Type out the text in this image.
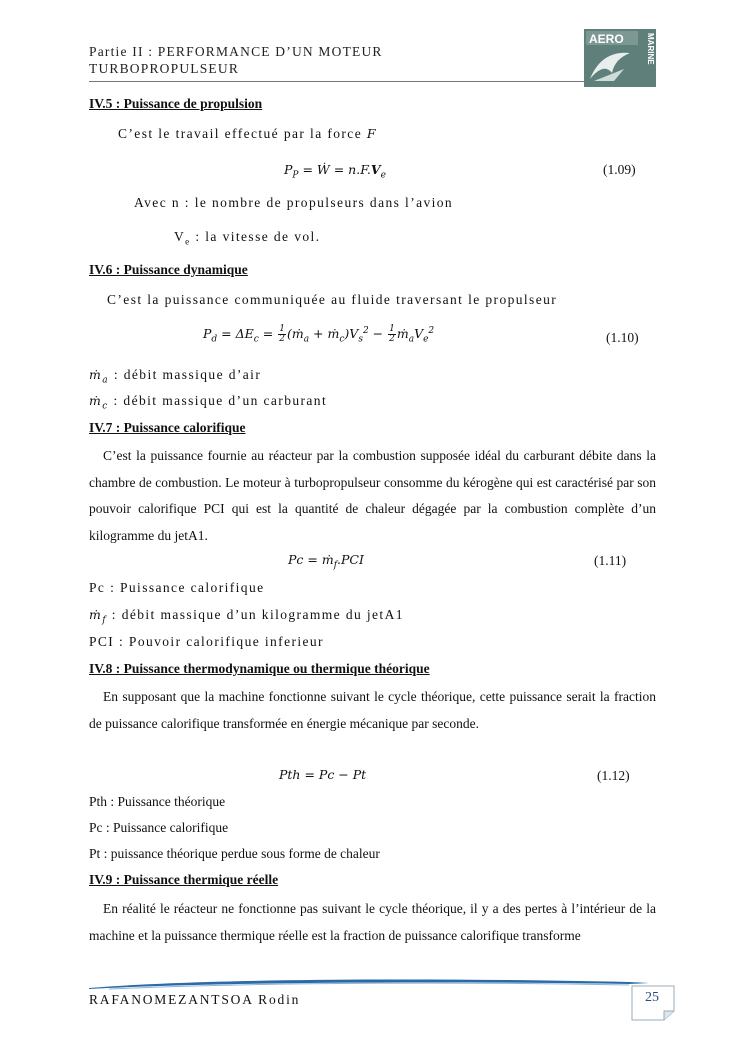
Partie II : PERFORMANCE D’UN MOTEUR
TURBOPROPULSEUR
AERO	MARINE
IV.5 : Puissance de propulsion
C’est le travail effectué par la force F
$P_P$ = Ẇ = $n.F.V_e$	(1.09)
Avec n : le nombre de propulseurs dans l’avion
$V_e$ : la vitesse de vol.
IV.6 : Puissance dynamique
C’est la puissance communiquée au fluide traversant le propulseur
$P_d = \Delta E_c = \frac{1}{2}$ (ṁ$_a$ + $ṁ_c)V_s^2 - \frac{1}{2}$ $ṁ_aV_e^2$	(1.10)
ṁ$_a$ : débit massique d’air
ṁ$_c$ : débit massique d’un carburant
IV.7 : Puissance calorifique

C’est la puissance fournie au réacteur par la combustion supposée idéal du carburant débite dans la chambre de combustion. Le moteur à turbopropulseur consomme du kérogène qui est caractérisé par son pouvoir calorifique PCI qui est la quantité de chaleur dégagée par la combustion complète d’un kilogramme du jetA1.

Pc = ṁ$_f$.PCI	(1.11)
Pc : Puissance calorifique
ṁ$_f$ : débit massique d’un kilogramme du jetA1
PCI : Pouvoir calorifique inferieur
IV.8 : Puissance thermodynamique ou thermique théorique

En supposant que la machine fonctionne suivant le cycle théorique, cette puissance serait la fraction de puissance calorifique transformée en énergie mécanique par seconde.

Pth = Pc − Pt	(1.12)
Pth : Puissance théorique
Pc : Puissance calorifique
Pt : puissance théorique perdue sous forme de chaleur
IV.9 : Puissance thermique réelle

En réalité le réacteur ne fonctionne pas suivant le cycle théorique, il y a des pertes à l’intérieur de la machine et la puissance thermique réelle est la fraction de puissance calorifique transforme

RAFANOMEZANTSOA Rodin	25
